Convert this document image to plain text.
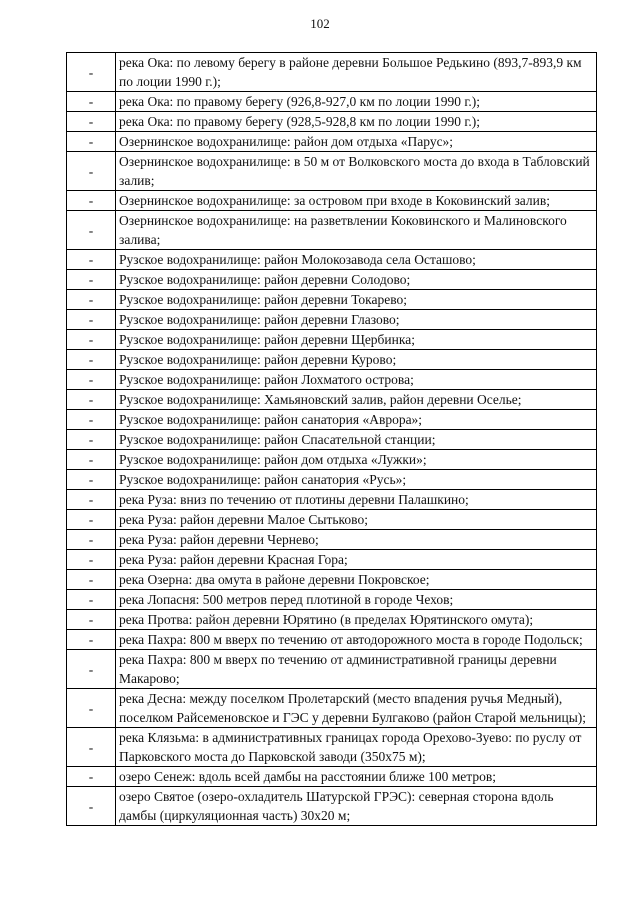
102
-	река Ока: по левому берегу в районе деревни Большое Редькино (893,7-893,9 км по лоции 1990 г.);
-	река Ока: по правому берегу (926,8-927,0 км по лоции 1990 г.);
-	река Ока: по правому берегу (928,5-928,8 км по лоции 1990 г.);
-	Озернинское водохранилище: район дом отдыха «Парус»;
-	Озернинское водохранилище: в 50 м от Волковского моста до входа в Табловский залив;
-	Озернинское водохранилище: за островом при входе в Коковинский залив;
-	Озернинское водохранилище: на разветвлении Коковинского и Малиновского залива;
-	Рузское водохранилище: район Молокозавода села Осташово;
-	Рузское водохранилище: район деревни Солодово;
-	Рузское водохранилище: район деревни Токарево;
-	Рузское водохранилище: район деревни Глазово;
-	Рузское водохранилище: район деревни Щербинка;
-	Рузское водохранилище: район деревни Курово;
-	Рузское водохранилище: район Лохматого острова;
-	Рузское водохранилище: Хамьяновский залив, район деревни Оселье;
-	Рузское водохранилище: район санатория «Аврора»;
-	Рузское водохранилище: район Спасательной станции;
-	Рузское водохранилище: район дом отдыха «Лужки»;
-	Рузское водохранилище: район санатория «Русь»;
-	река Руза: вниз по течению от плотины деревни Палашкино;
-	река Руза: район деревни Малое Сытьково;
-	река Руза: район деревни Чернево;
-	река Руза: район деревни Красная Гора;
-	река Озерна: два омута в районе деревни Покровское;
-	река Лопасня: 500 метров перед плотиной в городе Чехов;
-	река Протва: район деревни Юрятино (в пределах Юрятинского омута);
-	река Пахра: 800 м вверх по течению от автодорожного моста в городе Подольск;
-	река Пахра: 800 м вверх по течению от административной границы деревни Макарово;
-	река Десна: между поселком Пролетарский (место впадения ручья Медный), поселком Райсеменовское и ГЭС у деревни Булгаково (район Старой мельницы);
-	река Клязьма: в административных границах города Орехово-Зуево: по руслу от Парковского моста до Парковской заводи (350х75 м);
-	озеро Сенеж: вдоль всей дамбы на расстоянии ближе 100 метров;
-	озеро Святое (озеро-охладитель Шатурской ГРЭС): северная сторона вдоль дамбы (циркуляционная часть) 30х20 м;
